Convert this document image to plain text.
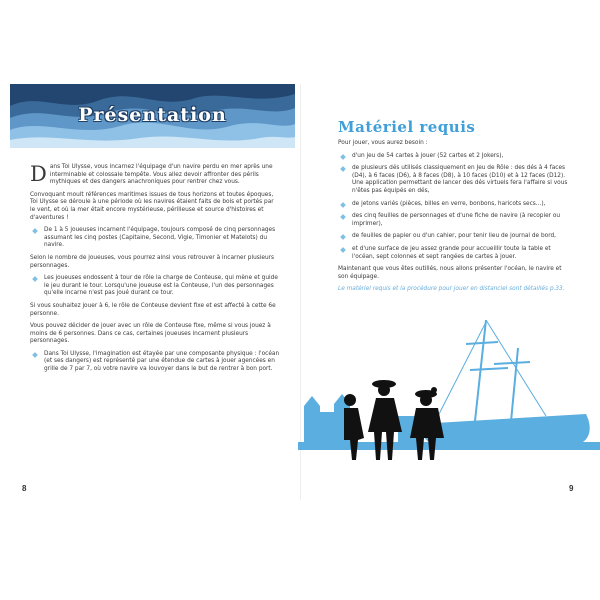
Présentation

Dans Toi Ulysse, vous incarnez l'équipage d'un navire perdu en mer après une interminable et colossale tempête. Vous allez devoir affronter des périls mythiques et des dangers anachroniques pour rentrer chez vous.

Convoquant moult références maritimes issues de tous horizons et toutes époques, Toi Ulysse se déroule à une période où les navires étaient faits de bois et portés par le vent, et où la mer était encore mystérieuse, périlleuse et source d'histoires et d'aventures !

De 1 à 5 joueuses incarnent l'équipage, toujours composé de cinq personnages assumant les cinq postes (Capitaine, Second, Vigie, Timonier et Matelots) du navire.

Selon le nombre de joueuses, vous pourrez ainsi vous retrouver à incarner plusieurs personnages.

Les joueuses endossent à tour de rôle la charge de Conteuse, qui mène et guide le jeu durant le tour. Lorsqu'une joueuse est la Conteuse, l'un des personnages qu'elle incarne n'est pas joué durant ce tour.

Si vous souhaitez jouer à 6, le rôle de Conteuse devient fixe et est affecté à cette 6e personne.

Vous pouvez décider de jouer avec un rôle de Conteuse fixe, même si vous jouez à moins de 6 personnes. Dans ce cas, certaines joueuses incarnent plusieurs personnages.

Dans Toi Ulysse, l'imagination est étayée par une composante physique : l'océan (et ses dangers) est représenté par une étendue de cartes à jouer agencées en grille de 7 par 7, où votre navire va louvoyer dans le but de rentrer à bon port.

Matériel requis

Pour jouer, vous aurez besoin :

d'un jeu de 54 cartes à jouer (52 cartes et 2 Jokers),

de plusieurs dés utilisés classiquement en Jeu de Rôle : des dés à 4 faces (D4), à 6 faces (D6), à 8 faces (D8), à 10 faces (D10) et à 12 faces (D12). Une application permettant de lancer des dés virtuels fera l'affaire si vous n'êtes pas équipés en dés,

de jetons variés (pièces, billes en verre, bonbons, haricots secs...),

des cinq feuilles de personnages et d'une fiche de navire (à recopier ou imprimer),

de feuilles de papier ou d'un cahier, pour tenir lieu de journal de bord,

et d'une surface de jeu assez grande pour accueillir toute la table et l'océan, sept colonnes et sept rangées de cartes à jouer.

Maintenant que vous êtes outillés, nous allons présenter l'océan, le navire et son équipage.

Le matériel requis et la procédure pour jouer en distanciel sont détaillés p.33.

8	9
